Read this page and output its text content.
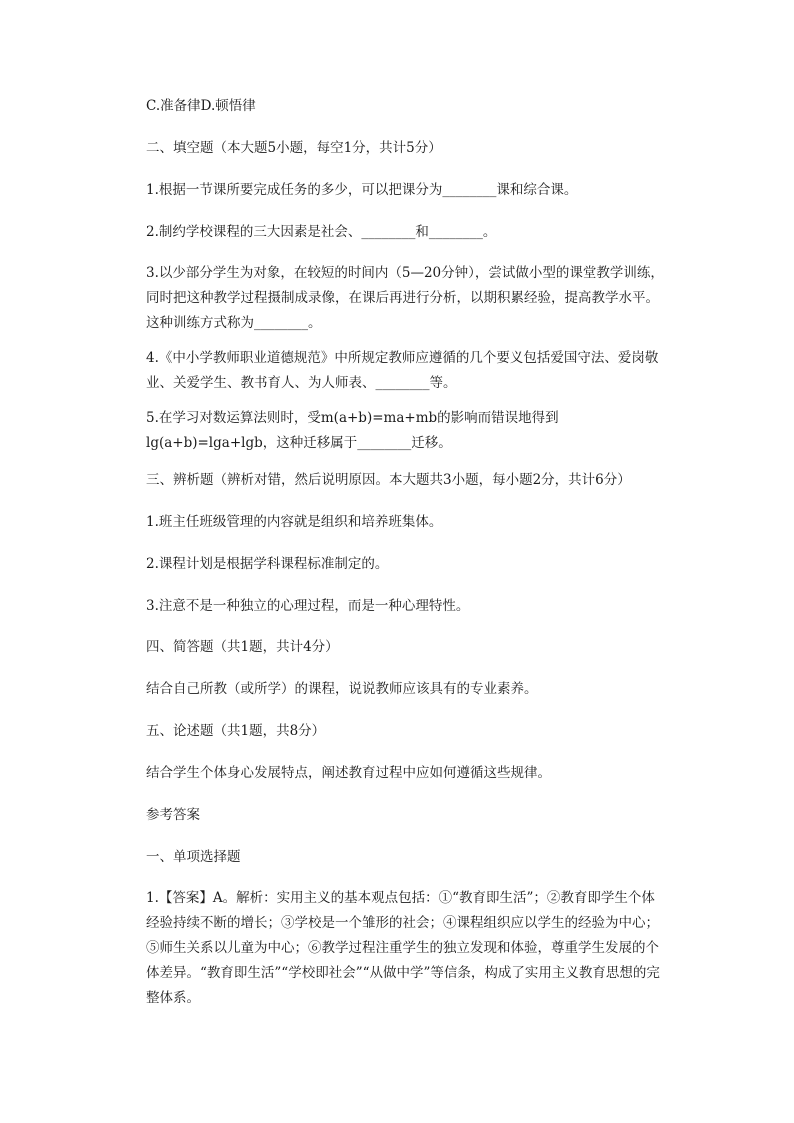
C.准备律D.顿悟律

二、填空题（本大题5小题，每空1分，共计5分）

1.根据一节课所要完成任务的多少，可以把课分为________课和综合课。

2.制约学校课程的三大因素是社会、________和________。

3.以少部分学生为对象，在较短的时间内（5—20分钟），尝试做小型的课堂教学训练，同时把这种教学过程摄制成录像，在课后再进行分析，以期积累经验，提高教学水平。这种训练方式称为________。

4.《中小学教师职业道德规范》中所规定教师应遵循的几个要义包括爱国守法、爱岗敬业、关爱学生、教书育人、为人师表、________等。

5.在学习对数运算法则时，受m(a+b)=ma+mb的影响而错误地得到lg(a+b)=lga+lgb，这种迁移属于________迁移。

三、辨析题（辨析对错，然后说明原因。本大题共3小题，每小题2分，共计6分）

1.班主任班级管理的内容就是组织和培养班集体。

2.课程计划是根据学科课程标准制定的。

3.注意不是一种独立的心理过程，而是一种心理特性。

四、简答题（共1题，共计4分）

结合自己所教（或所学）的课程，说说教师应该具有的专业素养。

五、论述题（共1题，共8分）

结合学生个体身心发展特点，阐述教育过程中应如何遵循这些规律。

参考答案

一、单项选择题

1.【答案】A。解析：实用主义的基本观点包括：①“教育即生活”；②教育即学生个体经验持续不断的增长；③学校是一个雏形的社会；④课程组织应以学生的经验为中心；⑤师生关系以儿童为中心；⑥教学过程注重学生的独立发现和体验，尊重学生发展的个体差异。“教育即生活”“学校即社会”“从做中学”等信条，构成了实用主义教育思想的完整体系。
